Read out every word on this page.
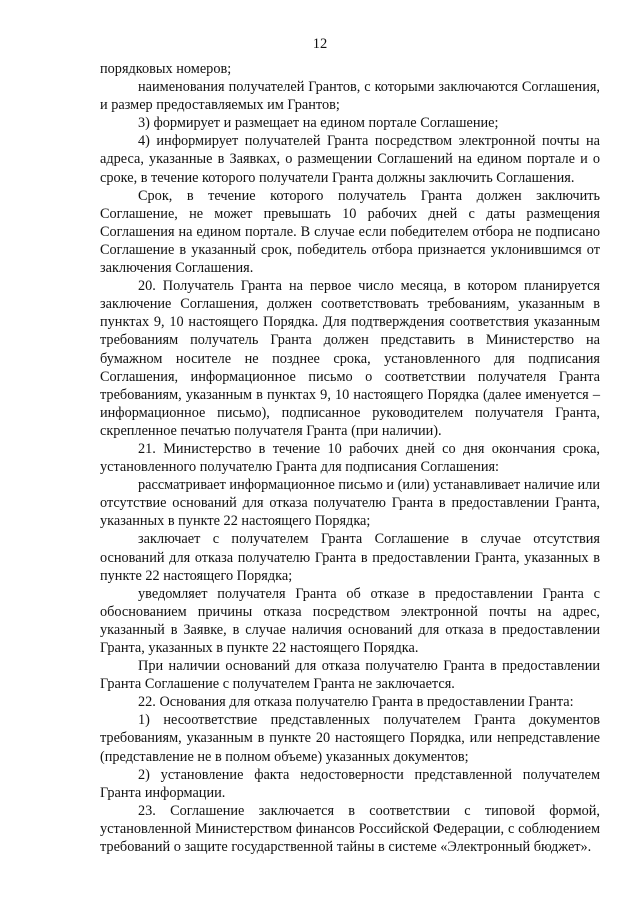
12

порядковых номеров;

наименования получателей Грантов, с которыми заключаются Соглашения, и размер предоставляемых им Грантов;

3) формирует и размещает на едином портале Соглашение;

4) информирует получателей Гранта посредством электронной почты на адреса, указанные в Заявках, о размещении Соглашений на едином портале и о сроке, в течение которого получатели Гранта должны заключить Соглашения.

Срок, в течение которого получатель Гранта должен заключить Соглашение, не может превышать 10 рабочих дней с даты размещения Соглашения на едином портале. В случае если победителем отбора не подписано Соглашение в указанный срок, победитель отбора признается уклонившимся от заключения Соглашения.

20. Получатель Гранта на первое число месяца, в котором планируется заключение Соглашения, должен соответствовать требованиям, указанным в пунктах 9, 10 настоящего Порядка. Для подтверждения соответствия указанным требованиям получатель Гранта должен представить в Министерство на бумажном носителе не позднее срока, установленного для подписания Соглашения, информационное письмо о соответствии получателя Гранта требованиям, указанным в пунктах 9, 10 настоящего Порядка (далее именуется – информационное письмо), подписанное руководителем получателя Гранта, скрепленное печатью получателя Гранта (при наличии).

21. Министерство в течение 10 рабочих дней со дня окончания срока, установленного получателю Гранта для подписания Соглашения:

рассматривает информационное письмо и (или) устанавливает наличие или отсутствие оснований для отказа получателю Гранта в предоставлении Гранта, указанных в пункте 22 настоящего Порядка;

заключает с получателем Гранта Соглашение в случае отсутствия оснований для отказа получателю Гранта в предоставлении Гранта, указанных в пункте 22 настоящего Порядка;

уведомляет получателя Гранта об отказе в предоставлении Гранта с обоснованием причины отказа посредством электронной почты на адрес, указанный в Заявке, в случае наличия оснований для отказа в предоставлении Гранта, указанных в пункте 22 настоящего Порядка.

При наличии оснований для отказа получателю Гранта в предоставлении Гранта Соглашение с получателем Гранта не заключается.

22. Основания для отказа получателю Гранта в предоставлении Гранта:

1) несоответствие представленных получателем Гранта документов требованиям, указанным в пункте 20 настоящего Порядка, или непредставление (представление не в полном объеме) указанных документов;

2) установление факта недостоверности представленной получателем Гранта информации.

23. Соглашение заключается в соответствии с типовой формой, установленной Министерством финансов Российской Федерации, с соблюдением требований о защите государственной тайны в системе «Электронный бюджет».
